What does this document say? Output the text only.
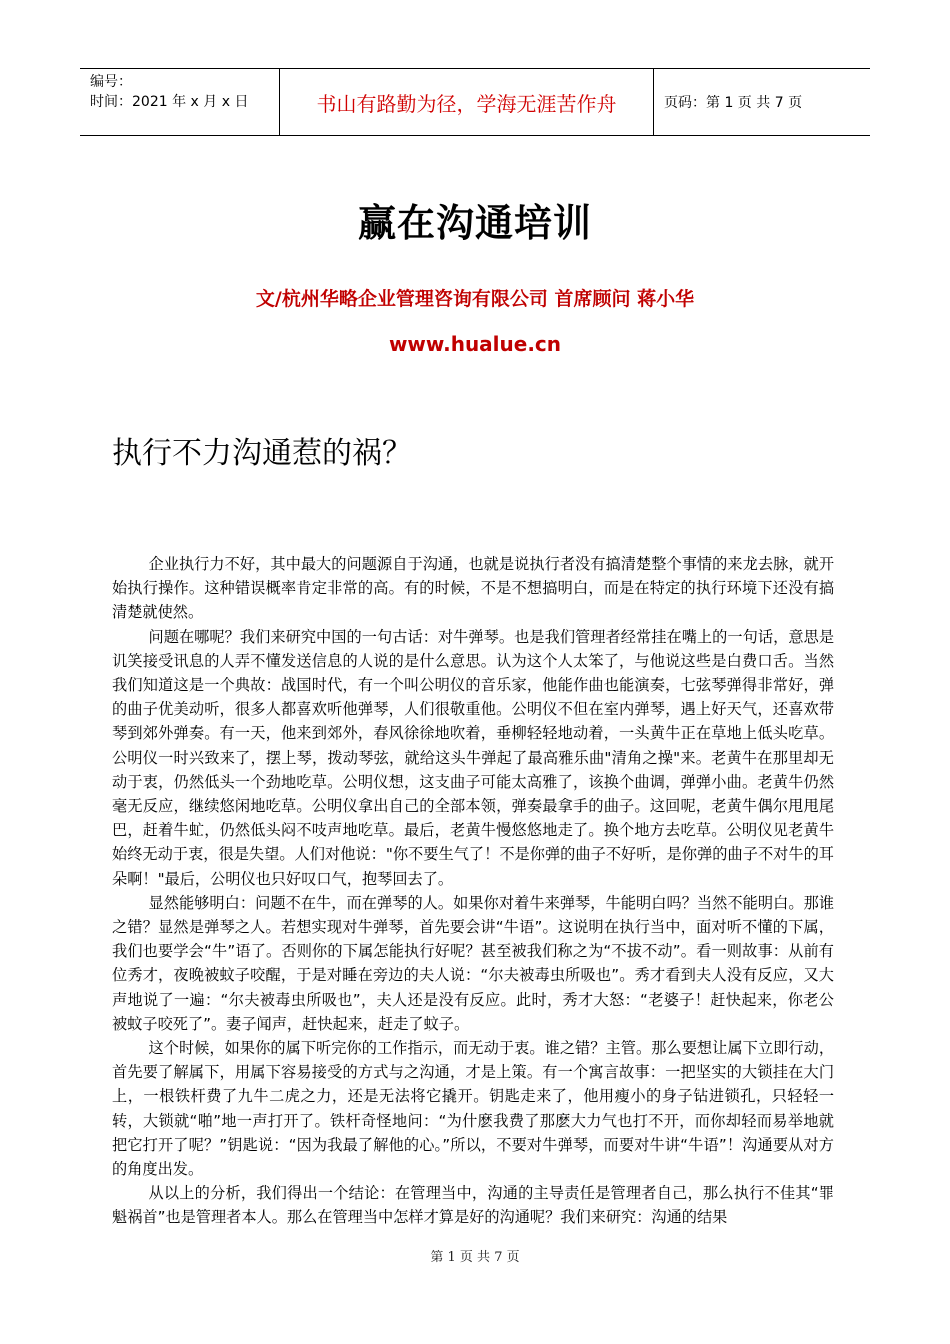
编号：
时间：2021 年 x 月 x 日	书山有路勤为径，学海无涯苦作舟	页码：第 1 页 共 7 页
赢在沟通培训
文/杭州华略企业管理咨询有限公司 首席顾问 蒋小华
www.hualue.cn
执行不力沟通惹的祸？

企业执行力不好，其中最大的问题源自于沟通，也就是说执行者没有搞清楚整个事情的来龙去脉，就开始执行操作。这种错误概率肯定非常的高。有的时候，不是不想搞明白，而是在特定的执行环境下还没有搞清楚就使然。

问题在哪呢？我们来研究中国的一句古话：对牛弹琴。也是我们管理者经常挂在嘴上的一句话，意思是讥笑接受讯息的人弄不懂发送信息的人说的是什么意思。认为这个人太笨了，与他说这些是白费口舌。当然我们知道这是一个典故：战国时代，有一个叫公明仪的音乐家，他能作曲也能演奏，七弦琴弹得非常好，弹的曲子优美动听，很多人都喜欢听他弹琴，人们很敬重他。公明仪不但在室内弹琴，遇上好天气，还喜欢带琴到郊外弹奏。有一天，他来到郊外，春风徐徐地吹着，垂柳轻轻地动着，一头黄牛正在草地上低头吃草。公明仪一时兴致来了，摆上琴，拨动琴弦，就给这头牛弹起了最高雅乐曲"清角之操"来。老黄牛在那里却无动于衷，仍然低头一个劲地吃草。公明仪想，这支曲子可能太高雅了，该换个曲调，弹弹小曲。老黄牛仍然毫无反应，继续悠闲地吃草。公明仪拿出自己的全部本领，弹奏最拿手的曲子。这回呢，老黄牛偶尔甩甩尾巴，赶着牛虻，仍然低头闷不吱声地吃草。最后，老黄牛慢悠悠地走了。换个地方去吃草。公明仪见老黄牛始终无动于衷，很是失望。人们对他说："你不要生气了！不是你弹的曲子不好听，是你弹的曲子不对牛的耳朵啊！"最后，公明仪也只好叹口气，抱琴回去了。

显然能够明白：问题不在牛，而在弹琴的人。如果你对着牛来弹琴，牛能明白吗？当然不能明白。那谁之错？显然是弹琴之人。若想实现对牛弹琴，首先要会讲“牛语”。这说明在执行当中，面对听不懂的下属，我们也要学会“牛”语了。否则你的下属怎能执行好呢？甚至被我们称之为“不拔不动”。看一则故事：从前有位秀才，夜晚被蚊子咬醒，于是对睡在旁边的夫人说：“尔夫被毒虫所吸也”。秀才看到夫人没有反应，又大声地说了一遍：“尔夫被毒虫所吸也”，夫人还是没有反应。此时，秀才大怒：“老婆子！赶快起来，你老公被蚊子咬死了”。妻子闻声，赶快起来，赶走了蚊子。

这个时候，如果你的属下听完你的工作指示，而无动于衷。谁之错？主管。那么要想让属下立即行动，首先要了解属下，用属下容易接受的方式与之沟通，才是上策。有一个寓言故事：一把坚实的大锁挂在大门上，一根铁杆费了九牛二虎之力，还是无法将它撬开。钥匙走来了，他用瘦小的身子钻进锁孔，只轻轻一转，大锁就“啪”地一声打开了。铁杆奇怪地问：“为什麽我费了那麽大力气也打不开，而你却轻而易举地就把它打开了呢？”钥匙说：“因为我最了解他的心。”所以，不要对牛弹琴，而要对牛讲“牛语”！沟通要从对方的角度出发。

从以上的分析，我们得出一个结论：在管理当中，沟通的主导责任是管理者自己，那么执行不佳其“罪魁祸首”也是管理者本人。那么在管理当中怎样才算是好的沟通呢？我们来研究：沟通的结果

第 1 页 共 7 页
